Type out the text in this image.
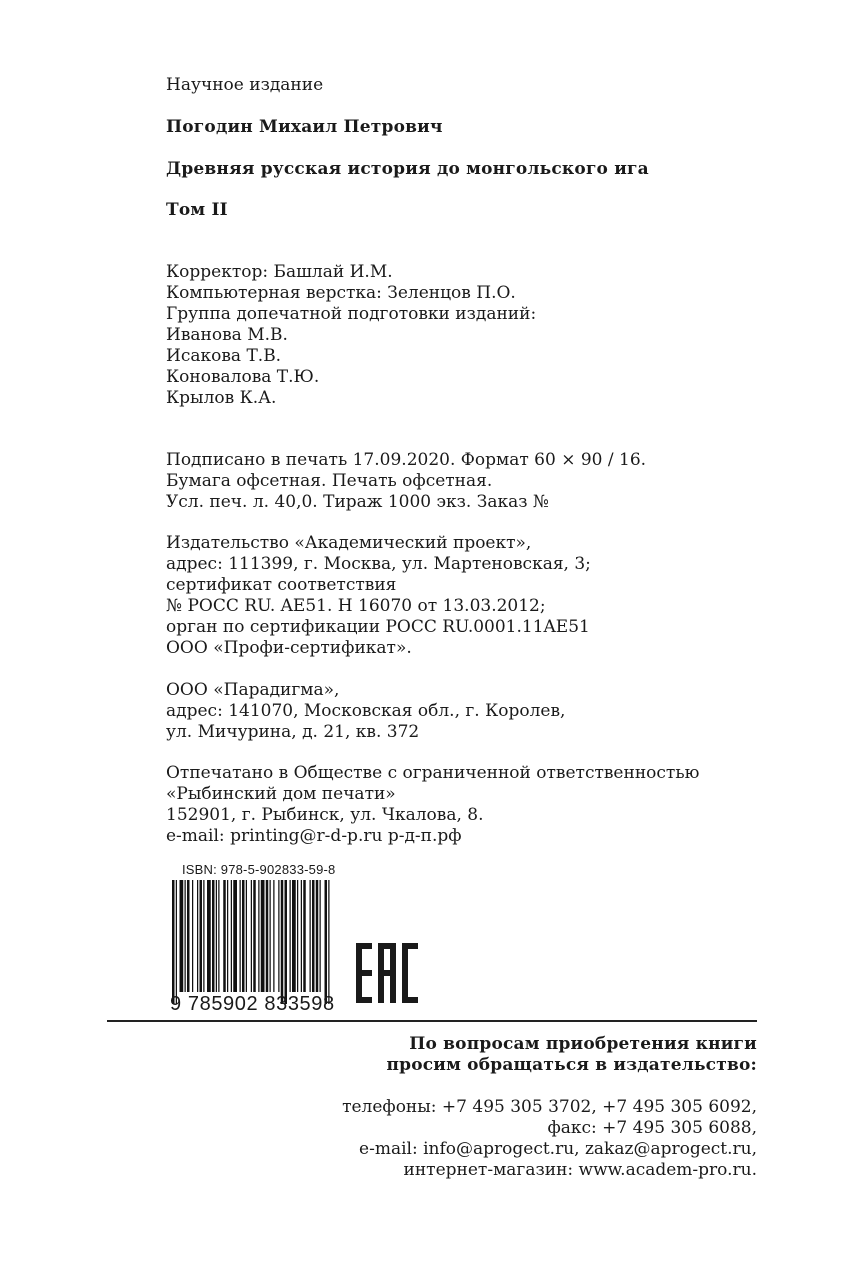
Научное издание
Погодин Михаил Петрович
Древняя русская история до монгольского ига
Том II
Корректор: Башлай И.М.
Компьютерная верстка: Зеленцов П.О.
Группа допечатной подготовки изданий:
Иванова М.В.
Исакова Т.В.
Коновалова Т.Ю.
Крылов К.А.
Подписано в печать 17.09.2020. Формат 60 × 90 / 16.
Бумага офсетная. Печать офсетная.
Усл. печ. л. 40,0. Тираж 1000 экз. Заказ №
Издательство «Академический проект»,
адрес: 111399, г. Москва, ул. Мартеновская, 3;
сертификат соответствия
№ РОСС RU. AE51. Н 16070 от 13.03.2012;
орган по сертификации РОСС RU.0001.11AE51
ООО «Профи-сертификат».
ООО «Парадигма»,
адрес: 141070, Московская обл., г. Королев,
ул. Мичурина, д. 21, кв. 372
Отпечатано в Обществе с ограниченной ответственностью
«Рыбинский дом печати»
152901, г. Рыбинск, ул. Чкалова, 8.
e-mail: printing@r-d-p.ru р-д-п.рф
ISBN: 978-5-902833-59-8
9 785902 833598
По вопросам приобретения книги
просим обращаться в издательство:
телефоны: +7 495 305 3702, +7 495 305 6092,
факс: +7 495 305 6088,
e-mail: info@aprogect.ru, zakaz@aprogect.ru,
интернет-магазин: www.academ-pro.ru.
